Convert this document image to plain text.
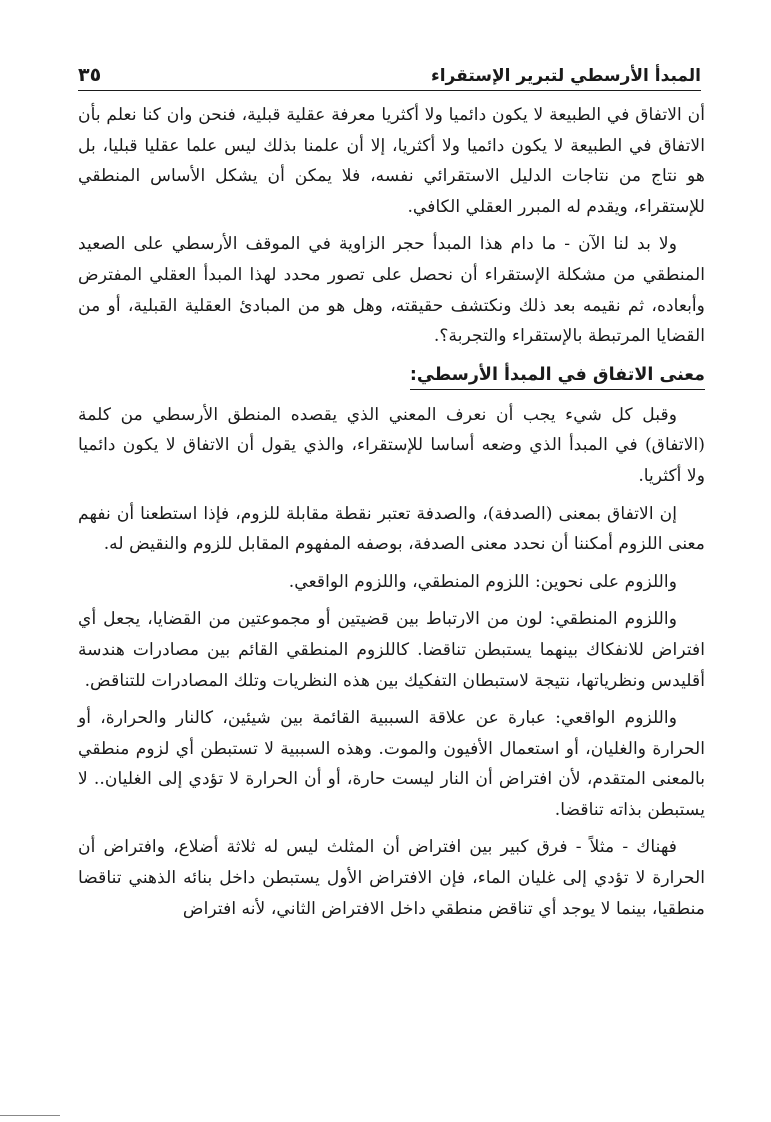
المبدأ الأرسطي لتبرير الإستقراء
٣٥

أن الاتفاق في الطبيعة لا يكون دائميا ولا أكثريا معرفة عقلية قبلية، فنحن وان كنا نعلم بأن الاتفاق في الطبيعة لا يكون دائميا ولا أكثريا، إلا أن علمنا بذلك ليس علما عقليا قبليا، بل هو نتاج من نتاجات الدليل الاستقرائي نفسه، فلا يمكن أن يشكل الأساس المنطقي للإستقراء، ويقدم له المبرر العقلي الكافي.

ولا بد لنا الآن - ما دام هذا المبدأ حجر الزاوية في الموقف الأرسطي على الصعيد المنطقي من مشكلة الإستقراء أن نحصل على تصور محدد لهذا المبدأ العقلي المفترض وأبعاده، ثم نقيمه بعد ذلك ونكتشف حقيقته، وهل هو من المبادئ العقلية القبلية، أو من القضايا المرتبطة بالإستقراء والتجربة؟.

معنى الاتفاق في المبدأ الأرسطي:

وقبل كل شيء يجب أن نعرف المعني الذي يقصده المنطق الأرسطي من كلمة (الاتفاق) في المبدأ الذي وضعه أساسا للإستقراء، والذي يقول أن الاتفاق لا يكون دائميا ولا أكثريا.

إن الاتفاق بمعنى (الصدفة)، والصدفة تعتبر نقطة مقابلة للزوم، فإذا استطعنا أن نفهم معنى اللزوم أمكننا أن نحدد معنى الصدفة، بوصفه المفهوم المقابل للزوم والنقيض له.

واللزوم على نحوين: اللزوم المنطقي، واللزوم الواقعي.

واللزوم المنطقي: لون من الارتباط بين قضيتين أو مجموعتين من القضايا، يجعل أي افتراض للانفكاك بينهما يستبطن تناقضا. كاللزوم المنطقي القائم بين مصادرات هندسة أقليدس ونظرياتها، نتيجة لاستبطان التفكيك بين هذه النظريات وتلك المصادرات للتناقض.

واللزوم الواقعي: عبارة عن علاقة السببية القائمة بين شيئين، كالنار والحرارة، أو الحرارة والغليان، أو استعمال الأفيون والموت. وهذه السببية لا تستبطن أي لزوم منطقي بالمعنى المتقدم، لأن افتراض أن النار ليست حارة، أو أن الحرارة لا تؤدي إلى الغليان.. لا يستبطن بذاته تناقضا.

فهناك - مثلاً - فرق كبير بين افتراض أن المثلث ليس له ثلاثة أضلاع، وافتراض أن الحرارة لا تؤدي إلى غليان الماء، فإن الافتراض الأول يستبطن داخل بنائه الذهني تناقضا منطقيا، بينما لا يوجد أي تناقض منطقي داخل الافتراض الثاني، لأنه افتراض
